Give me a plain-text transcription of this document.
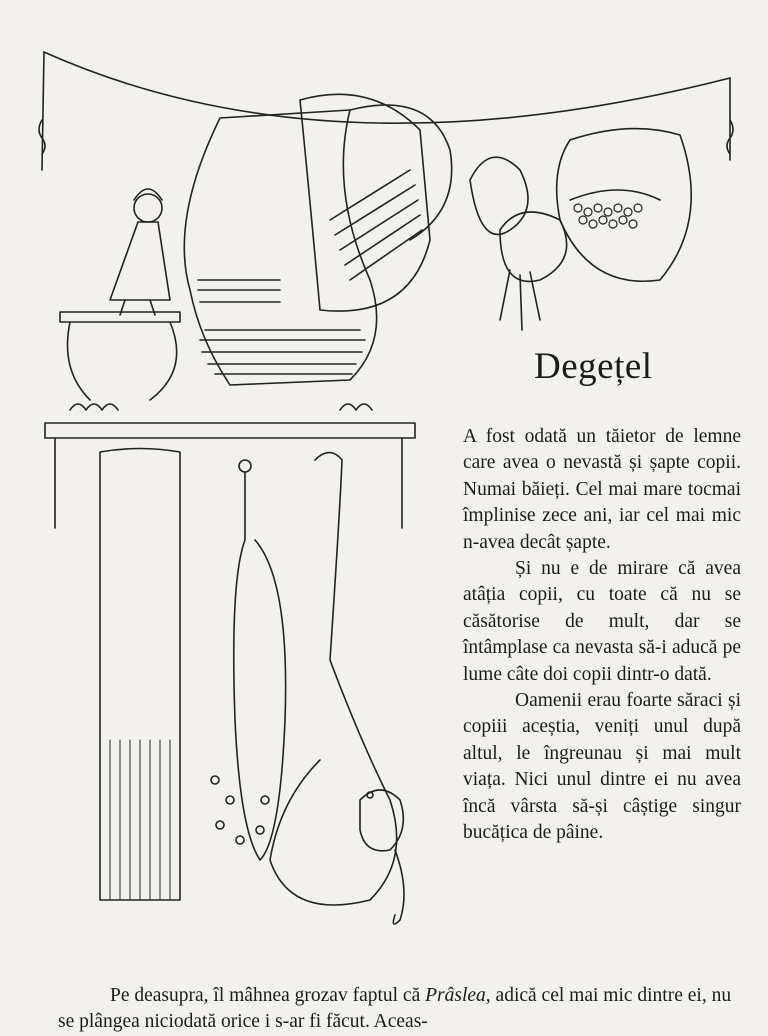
Degețel

A fost odată un tăietor de lemne care avea o nevastă și șapte copii. Numai băieți. Cel mai mare tocmai împlinise zece ani, iar cel mai mic n-avea decât șapte.

Și nu e de mirare că avea atâția copii, cu toate că nu se căsătorise de mult, dar se întâmplase ca nevasta să-i aducă pe lume câte doi copii dintr-o dată.

Oamenii erau foarte săraci și copiii aceștia, veniți unul după altul, le îngreunau și mai mult viața. Nici unul dintre ei nu avea încă vârsta să-și câștige singur bucățica de pâine.

Pe deasupra, îl mâhnea grozav faptul că Prâslea, adică cel mai mic dintre ei, nu se plângea niciodată orice i s-ar fi făcut. Aceas-
